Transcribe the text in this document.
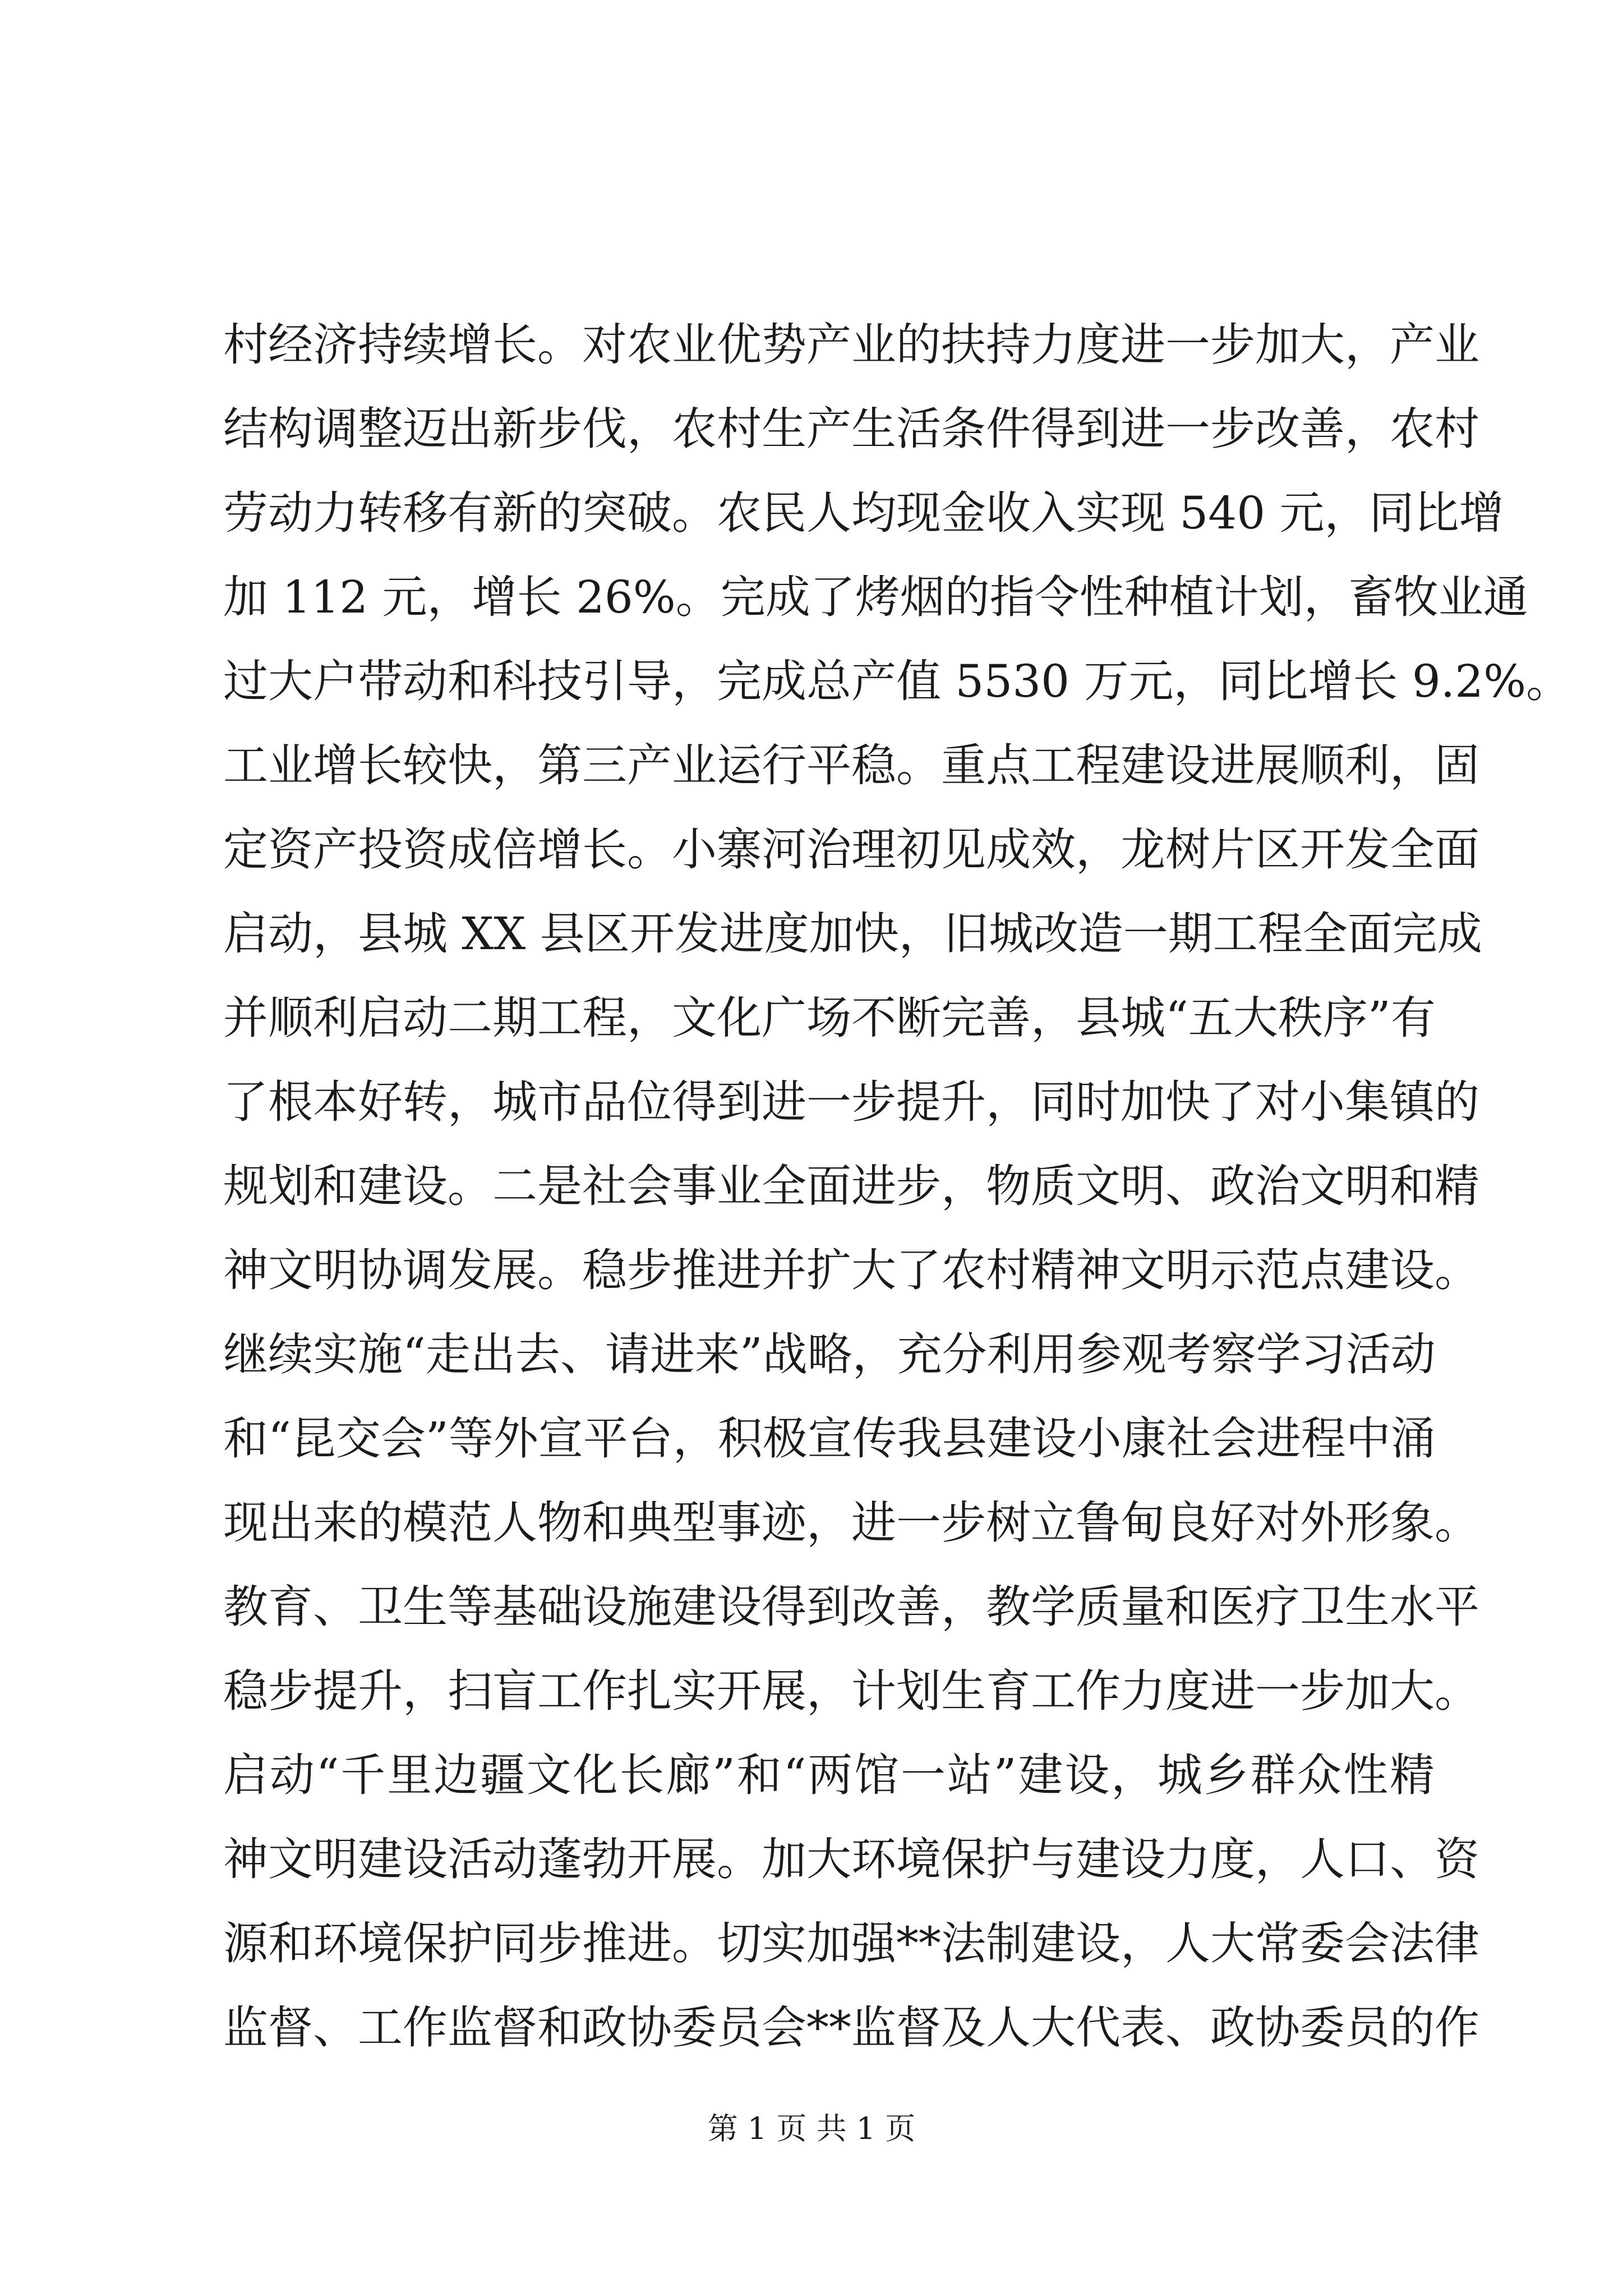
村经济持续增长。对农业优势产业的扶持力度进一步加大，产业
结构调整迈出新步伐，农村生产生活条件得到进一步改善，农村
劳动力转移有新的突破。农民人均现金收入实现 540 元，同比增
加 112 元，增长 26%。完成了烤烟的指令性种植计划，畜牧业通
过大户带动和科技引导，完成总产值 5530 万元，同比增长 9.2%。
工业增长较快，第三产业运行平稳。重点工程建设进展顺利，固
定资产投资成倍增长。小寨河治理初见成效，龙树片区开发全面
启动，县城 XX 县区开发进度加快，旧城改造一期工程全面完成
并顺利启动二期工程，文化广场不断完善，县城“五大秩序”有
了根本好转，城市品位得到进一步提升，同时加快了对小集镇的
规划和建设。二是社会事业全面进步，物质文明、政治文明和精
神文明协调发展。稳步推进并扩大了农村精神文明示范点建设。
继续实施“走出去、请进来”战略，充分利用参观考察学习活动
和“昆交会”等外宣平台，积极宣传我县建设小康社会进程中涌
现出来的模范人物和典型事迹，进一步树立鲁甸良好对外形象。
教育、卫生等基础设施建设得到改善，教学质量和医疗卫生水平
稳步提升，扫盲工作扎实开展，计划生育工作力度进一步加大。
启动“千里边疆文化长廊”和“两馆一站”建设，城乡群众性精
神文明建设活动蓬勃开展。加大环境保护与建设力度，人口、资
源和环境保护同步推进。切实加强**法制建设，人大常委会法律
监督、工作监督和政协委员会**监督及人大代表、政协委员的作
第 1 页 共 1 页
